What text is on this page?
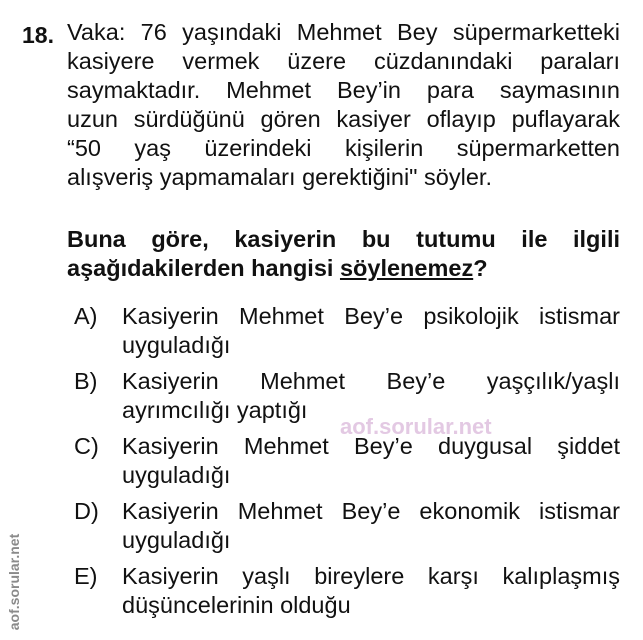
18. Vaka: 76 yaşındaki Mehmet Bey süpermarketteki
kasiyere vermek üzere cüzdanındaki paraları
saymaktadır. Mehmet Bey’in para saymasının
uzun sürdüğünü gören kasiyer oflayıp puflayarak
“50 yaş üzerindeki kişilerin süpermarketten
alışveriş yapmamaları gerektiğini" söyler.
Buna göre, kasiyerin bu tutumu ile ilgili
aşağıdakilerden hangisi söylenemez?
A) Kasiyerin Mehmet Bey’e psikolojik istismar
uyguladığı
B) Kasiyerin Mehmet Bey’e yaşçılık/yaşlı
ayrımcılığı yaptığı
C) Kasiyerin Mehmet Bey’e duygusal şiddet
uyguladığı
D) Kasiyerin Mehmet Bey’e ekonomik istismar
uyguladığı
E) Kasiyerin yaşlı bireylere karşı kalıplaşmış
düşüncelerinin olduğu
aof.sorular.net
aof.sorular.net
